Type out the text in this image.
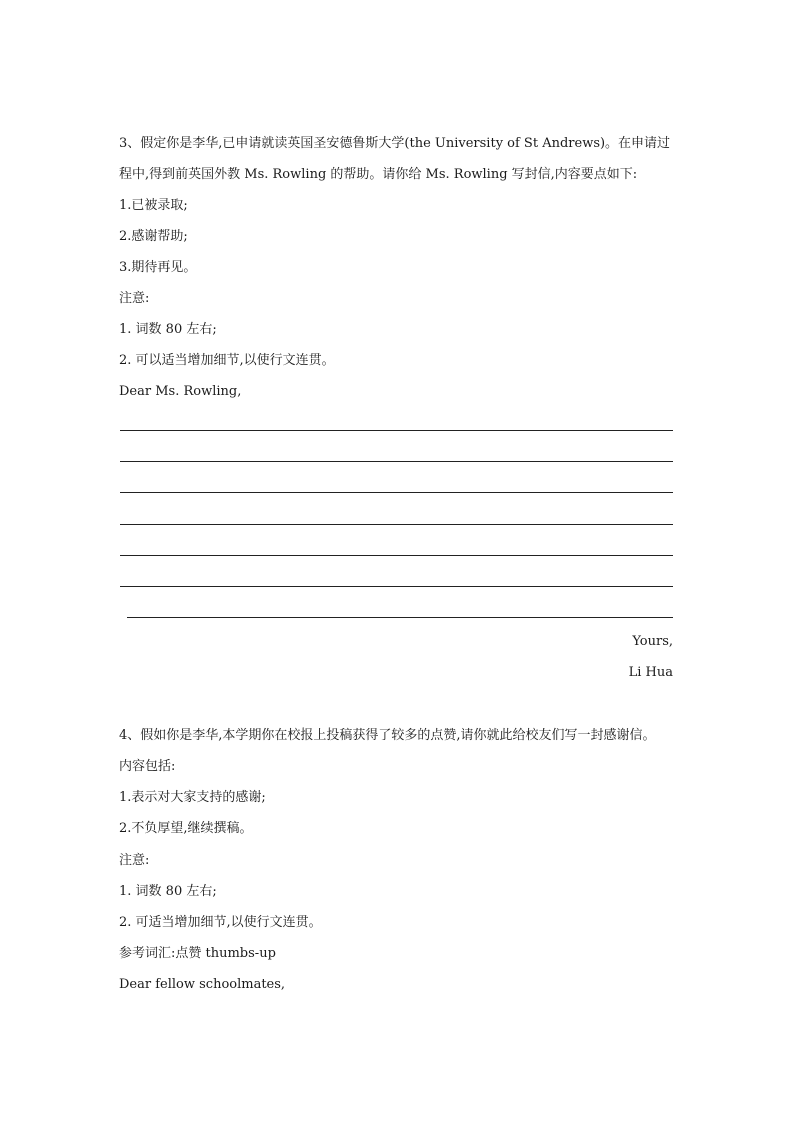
3、假定你是李华,已申请就读英国圣安德鲁斯大学(the University of St Andrews)。在申请过

程中,得到前英国外教 Ms. Rowling 的帮助。请你给 Ms. Rowling 写封信,内容要点如下:

1.已被录取;

2.感谢帮助;

3.期待再见。

注意:

1. 词数 80 左右;

2. 可以适当增加细节,以使行文连贯。

Dear Ms. Rowling,

Yours,

Li Hua

4、假如你是李华,本学期你在校报上投稿获得了较多的点赞,请你就此给校友们写一封感谢信。

内容包括:

1.表示对大家支持的感谢;

2.不负厚望,继续撰稿。

注意:

1. 词数 80 左右;

2. 可适当增加细节,以使行文连贯。

参考词汇:点赞 thumbs-up

Dear fellow schoolmates,
